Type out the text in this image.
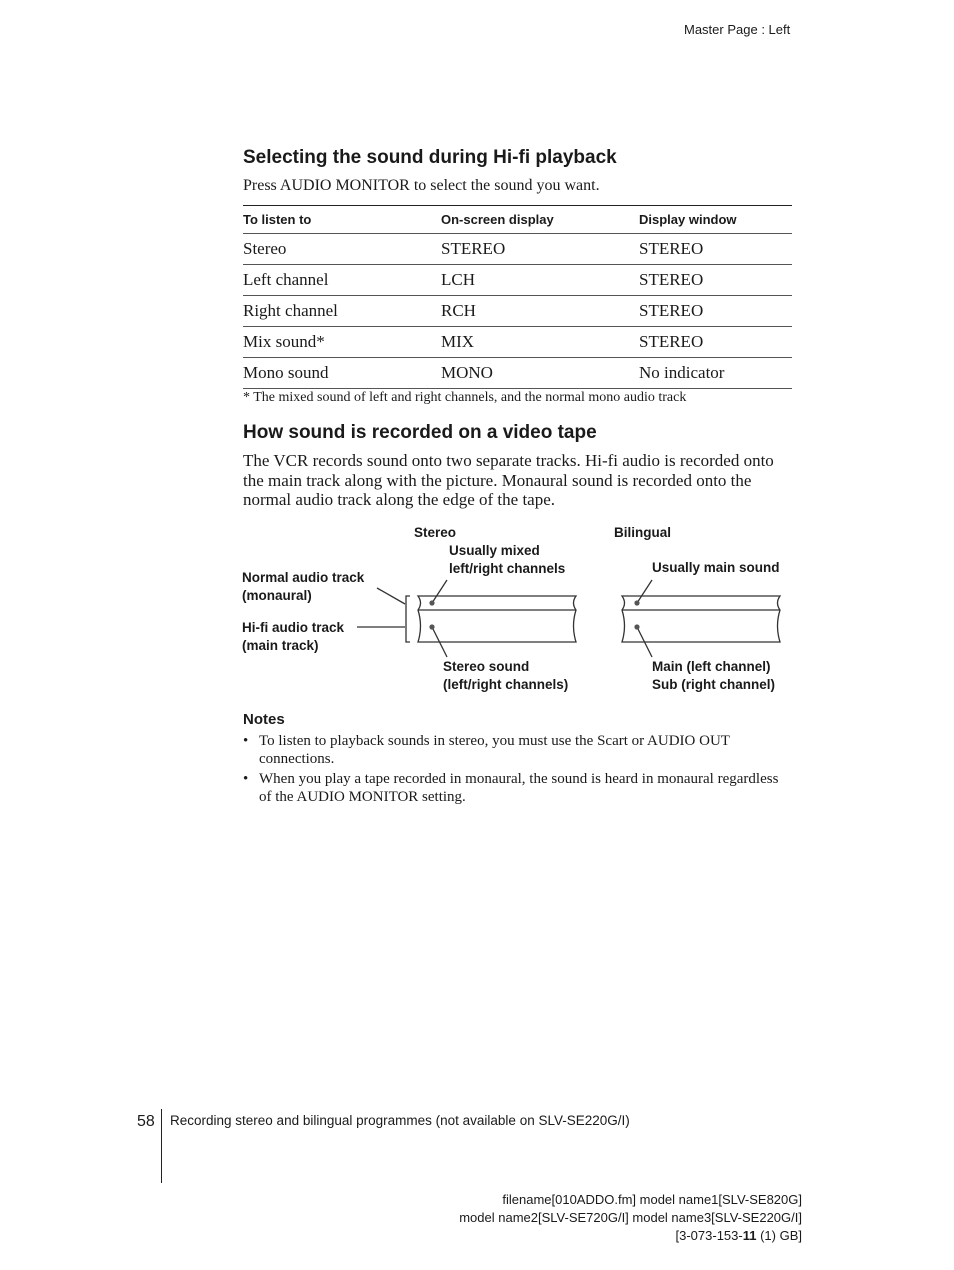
Master Page : Left
Selecting the sound during Hi-fi playback
Press AUDIO MONITOR to select the sound you want.
To listen to	On-screen display	Display window
Stereo	STEREO	STEREO
Left channel	LCH	STEREO
Right channel	RCH	STEREO
Mix sound*	MIX	STEREO
Mono sound	MONO	No indicator
* The mixed sound of left and right channels, and the normal mono audio track
How sound is recorded on a video tape
The VCR records sound onto two separate tracks. Hi-fi audio is recorded onto the main track along with the picture. Monaural sound is recorded onto the normal audio track along the edge of the tape.
Stereo	Bilingual
Usually mixed
left/right channels	Usually main sound
Normal audio track
(monaural)
Hi-fi audio track
(main track)
Stereo sound
(left/right channels)
Main (left channel)
Sub (right channel)
Notes
• To listen to playback sounds in stereo, you must use the Scart or AUDIO OUT connections.
• When you play a tape recorded in monaural, the sound is heard in monaural regardless of the AUDIO MONITOR setting.
58 Recording stereo and bilingual programmes (not available on SLV-SE220G/I)
filename[010ADDO.fm] model name1[SLV-SE820G]
model name2[SLV-SE720G/I] model name3[SLV-SE220G/I]
[3-073-153-11 (1) GB]
